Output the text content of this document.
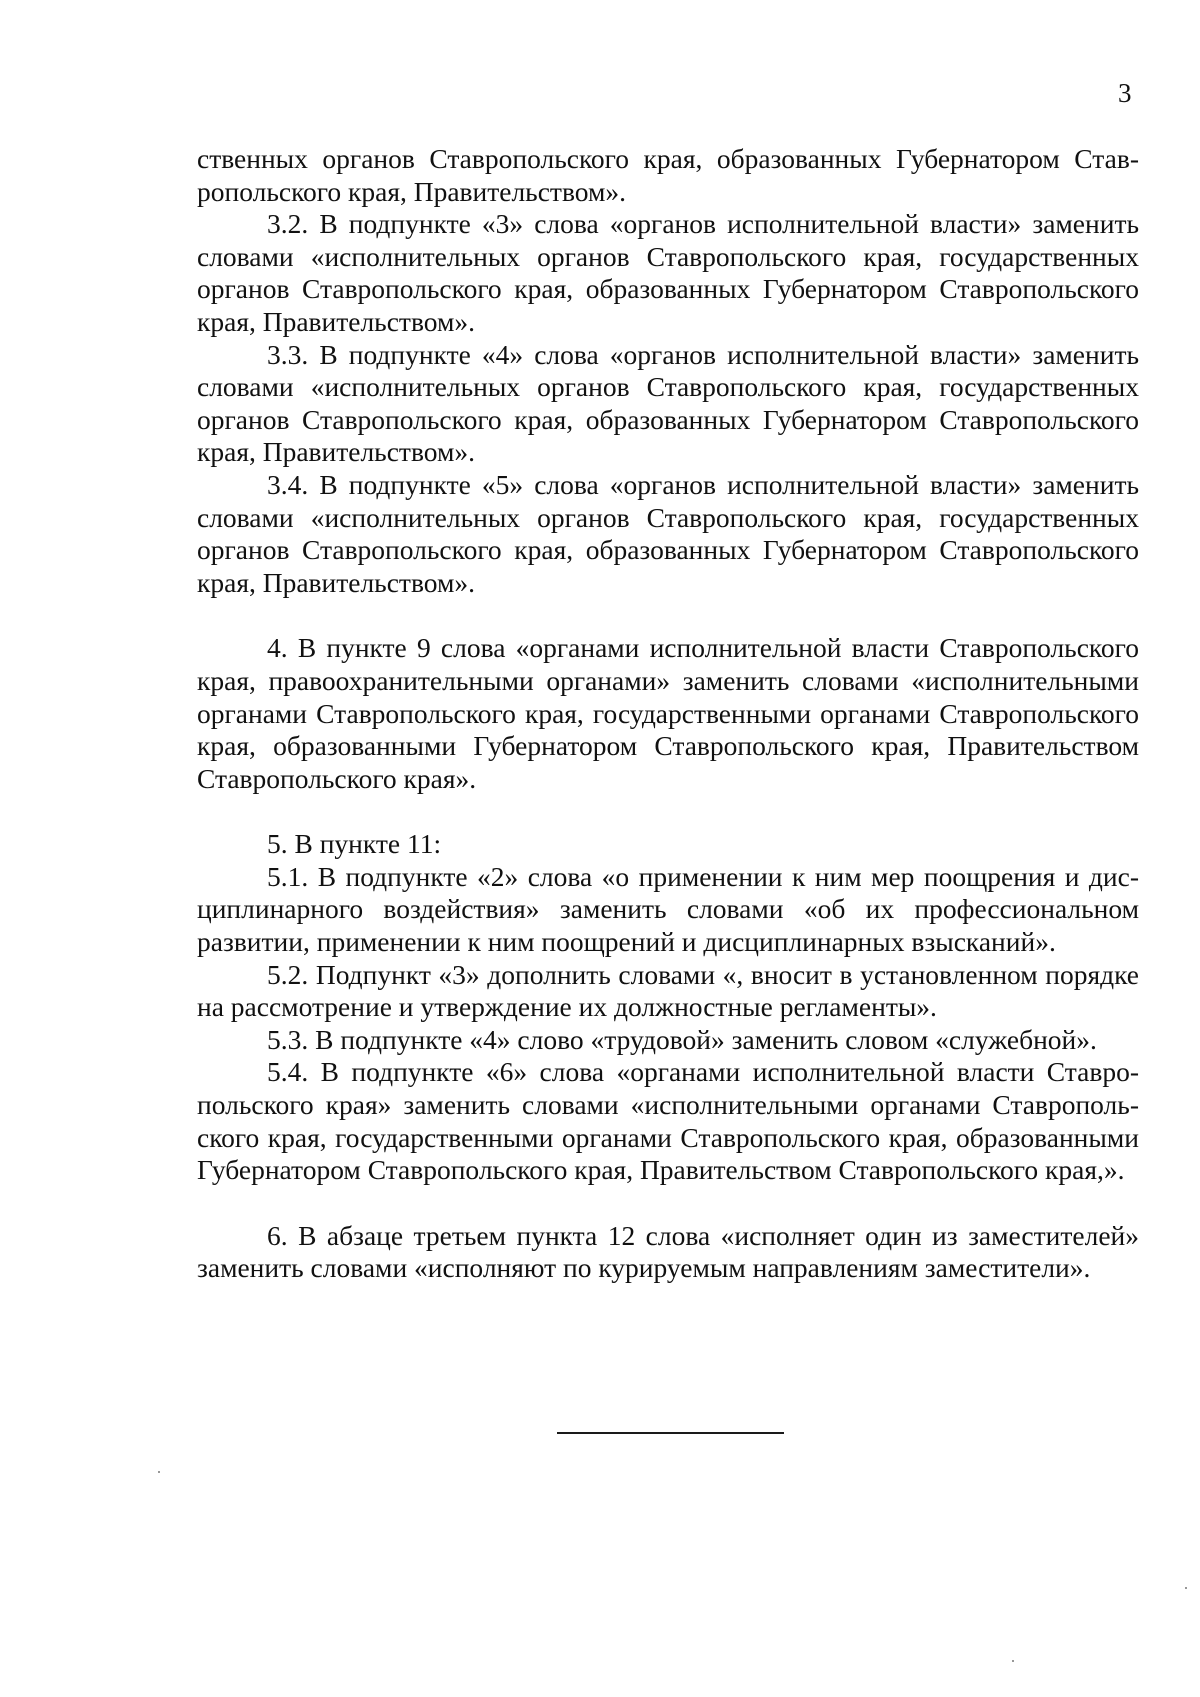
3

ственных органов Ставропольского края, образованных Губернатором Ставропольского края, Правительством».

3.2. В подпункте «3» слова «органов исполнительной власти» заменить словами «исполнительных органов Ставропольского края, государственных органов Ставропольского края, образованных Губернатором Ставропольского края, Правительством».

3.3. В подпункте «4» слова «органов исполнительной власти» заменить словами «исполнительных органов Ставропольского края, государственных органов Ставропольского края, образованных Губернатором Ставропольского края, Правительством».

3.4. В подпункте «5» слова «органов исполнительной власти» заменить словами «исполнительных органов Ставропольского края, государственных органов Ставропольского края, образованных Губернатором Ставропольского края, Правительством».

4. В пункте 9 слова «органами исполнительной власти Ставропольского края, правоохранительными органами» заменить словами «исполнительными органами Ставропольского края, государственными органами Ставропольского края, образованными Губернатором Ставропольского края, Правительством Ставропольского края».

5. В пункте 11:

5.1. В подпункте «2» слова «о применении к ним мер поощрения и дисциплинарного воздействия» заменить словами «об их профессиональном развитии, применении к ним поощрений и дисциплинарных взысканий».

5.2. Подпункт «3» дополнить словами «, вносит в установленном порядке на рассмотрение и утверждение их должностные регламенты».

5.3. В подпункте «4» слово «трудовой» заменить словом «служебной».

5.4. В подпункте «6» слова «органами исполнительной власти Ставропольского края» заменить словами «исполнительными органами Ставропольского края, государственными органами Ставропольского края, образованными Губернатором Ставропольского края, Правительством Ставропольского края,».

6. В абзаце третьем пункта 12 слова «исполняет один из заместителей» заменить словами «исполняют по курируемым направлениям заместители».
